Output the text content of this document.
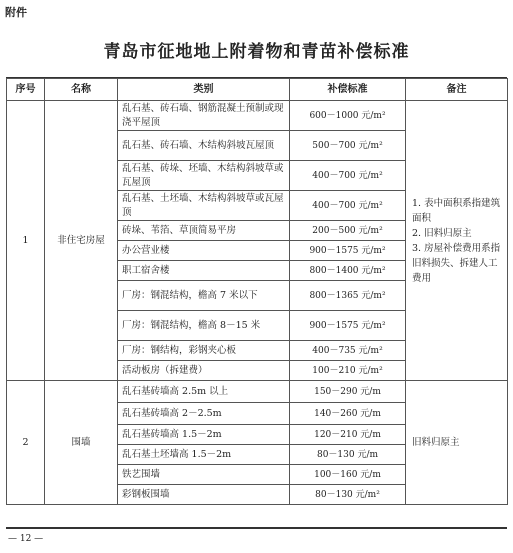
附件
青岛市征地地上附着物和青苗补偿标准
序号	名称	类别	补偿标准	备注
1	非住宅房屋	乱石基、砖石墙、钢筋混凝土预制或现浇平屋顶	600－1000 元/m²	1. 表中面积系指建筑面积
2. 旧料归原主
3. 房屋补偿费用系指旧料损失、拆建人工费用

		乱石基、砖石墙、木结构斜坡瓦屋顶	500－700 元/m²	
		乱石基、砖垛、坯墙、木结构斜坡草或瓦屋顶	400－700 元/m²	
		乱石基、土坯墙、木结构斜坡草或瓦屋顶	400－700 元/m²	
		砖垛、苇箔、草顶简易平房	200－500 元/m²	
		办公营业楼	900－1575 元/m²	
		职工宿舍楼	800－1400 元/m²	
		厂房：钢混结构，檐高 7 米以下	800－1365 元/m²	
		厂房：钢混结构，檐高 8－15 米	900－1575 元/m²	
		厂房：钢结构，彩钢夹心板	400－735 元/m²	
		活动板房（拆建费）	100－210 元/m²	
2	围墙	乱石基砖墙高 2.5m 以上	150－290 元/m	旧料归原主

		乱石基砖墙高 2－2.5m	140－260 元/m	
		乱石基砖墙高 1.5－2m	120－210 元/m	
		乱石基土坯墙高 1.5－2m	80－130 元/m	
		铁艺围墙	100－160 元/m	
		彩钢板围墙	80－130 元/m²	
— 12 —
